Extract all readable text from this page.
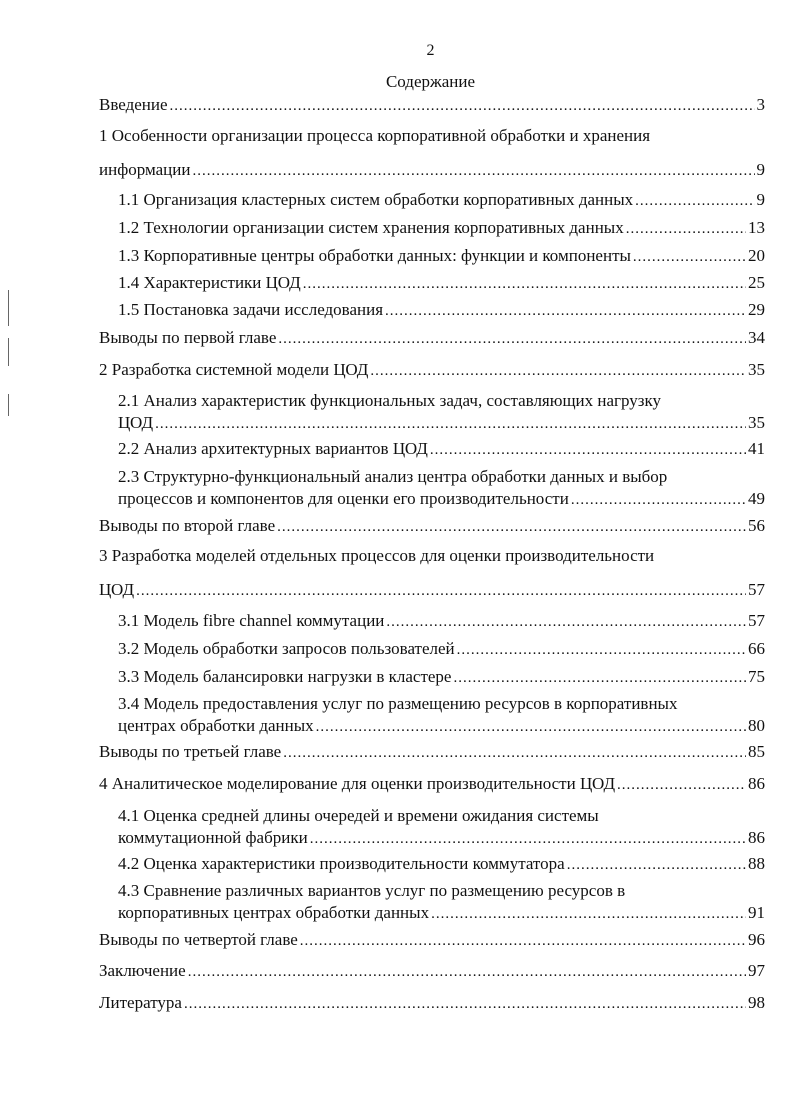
2
Содержание
Введение .....	3
1 Особенности организации процесса корпоративной обработки и хранения
информации .....	9
1.1 Организация кластерных систем обработки корпоративных данных .....	9
1.2 Технологии организации систем хранения корпоративных данных .....	13
1.3 Корпоративные центры обработки данных: функции и компоненты .....	20
1.4 Характеристики ЦОД .....	25
1.5 Постановка задачи исследования .....	29
Выводы по первой главе .....	34
2 Разработка системной модели ЦОД .....	35
2.1 Анализ характеристик функциональных задач, составляющих нагрузку
ЦОД .....	35
2.2 Анализ архитектурных вариантов ЦОД .....	41
2.3 Структурно-функциональный анализ центра обработки данных и выбор
процессов и компонентов для оценки его производительности .....	49
Выводы по второй главе .....	56
3 Разработка моделей отдельных процессов для оценки производительности
ЦОД .....	57
3.1 Модель fibre channel коммутации .....	57
3.2 Модель обработки запросов пользователей .....	66
3.3 Модель балансировки нагрузки в кластере .....	75
3.4 Модель предоставления услуг по размещению ресурсов в корпоративных
центрах обработки данных .....	80
Выводы по третьей главе .....	85
4 Аналитическое моделирование для оценки производительности ЦОД .....	86
4.1 Оценка средней длины очередей и времени ожидания системы
коммутационной фабрики .....	86
4.2 Оценка характеристики производительности коммутатора .....	88
4.3 Сравнение различных вариантов услуг по размещению ресурсов в
корпоративных центрах обработки данных .....	91
Выводы по четвертой главе .....	96
Заключение .....	97
Литература .....	98
